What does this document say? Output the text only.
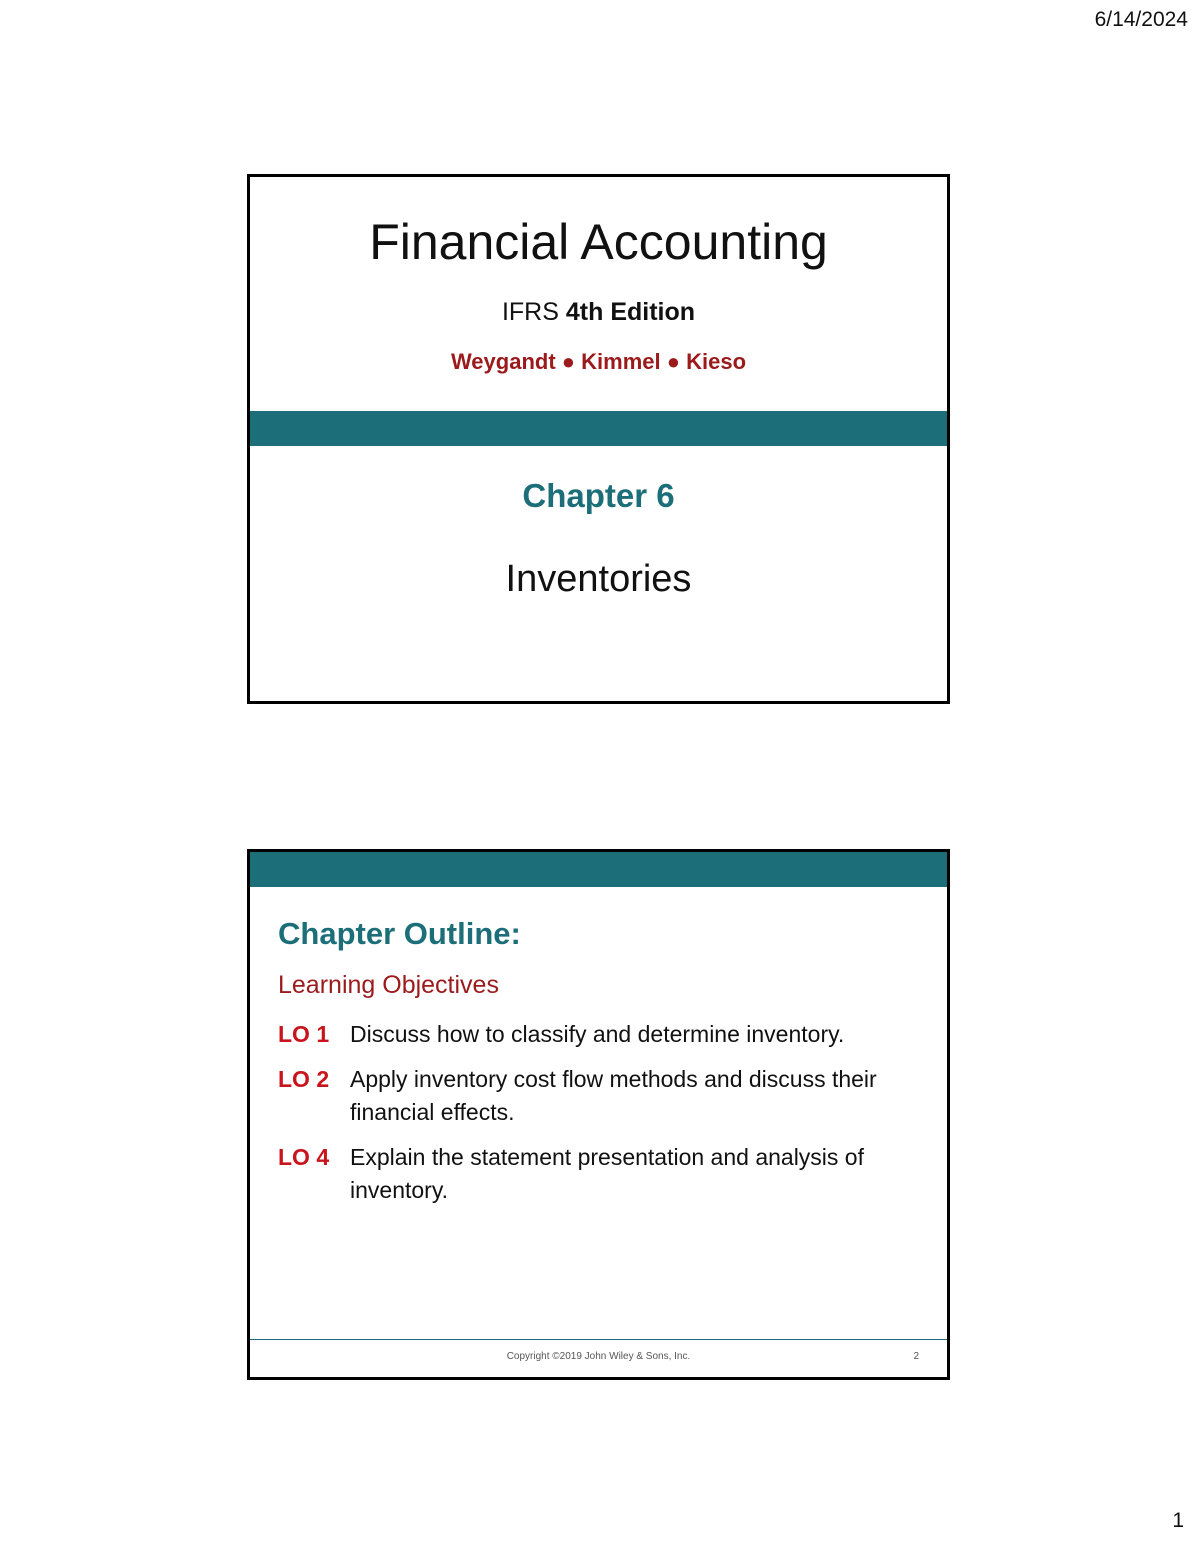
6/14/2024
Financial Accounting
IFRS 4th Edition
Weygandt ● Kimmel ● Kieso
Chapter 6
Inventories
Chapter Outline:
Learning Objectives
LO 1 Discuss how to classify and determine inventory.
LO 2 Apply inventory cost flow methods and discuss their financial effects.
LO 4 Explain the statement presentation and analysis of inventory.
Copyright ©2019 John Wiley & Sons, Inc.	2
1
